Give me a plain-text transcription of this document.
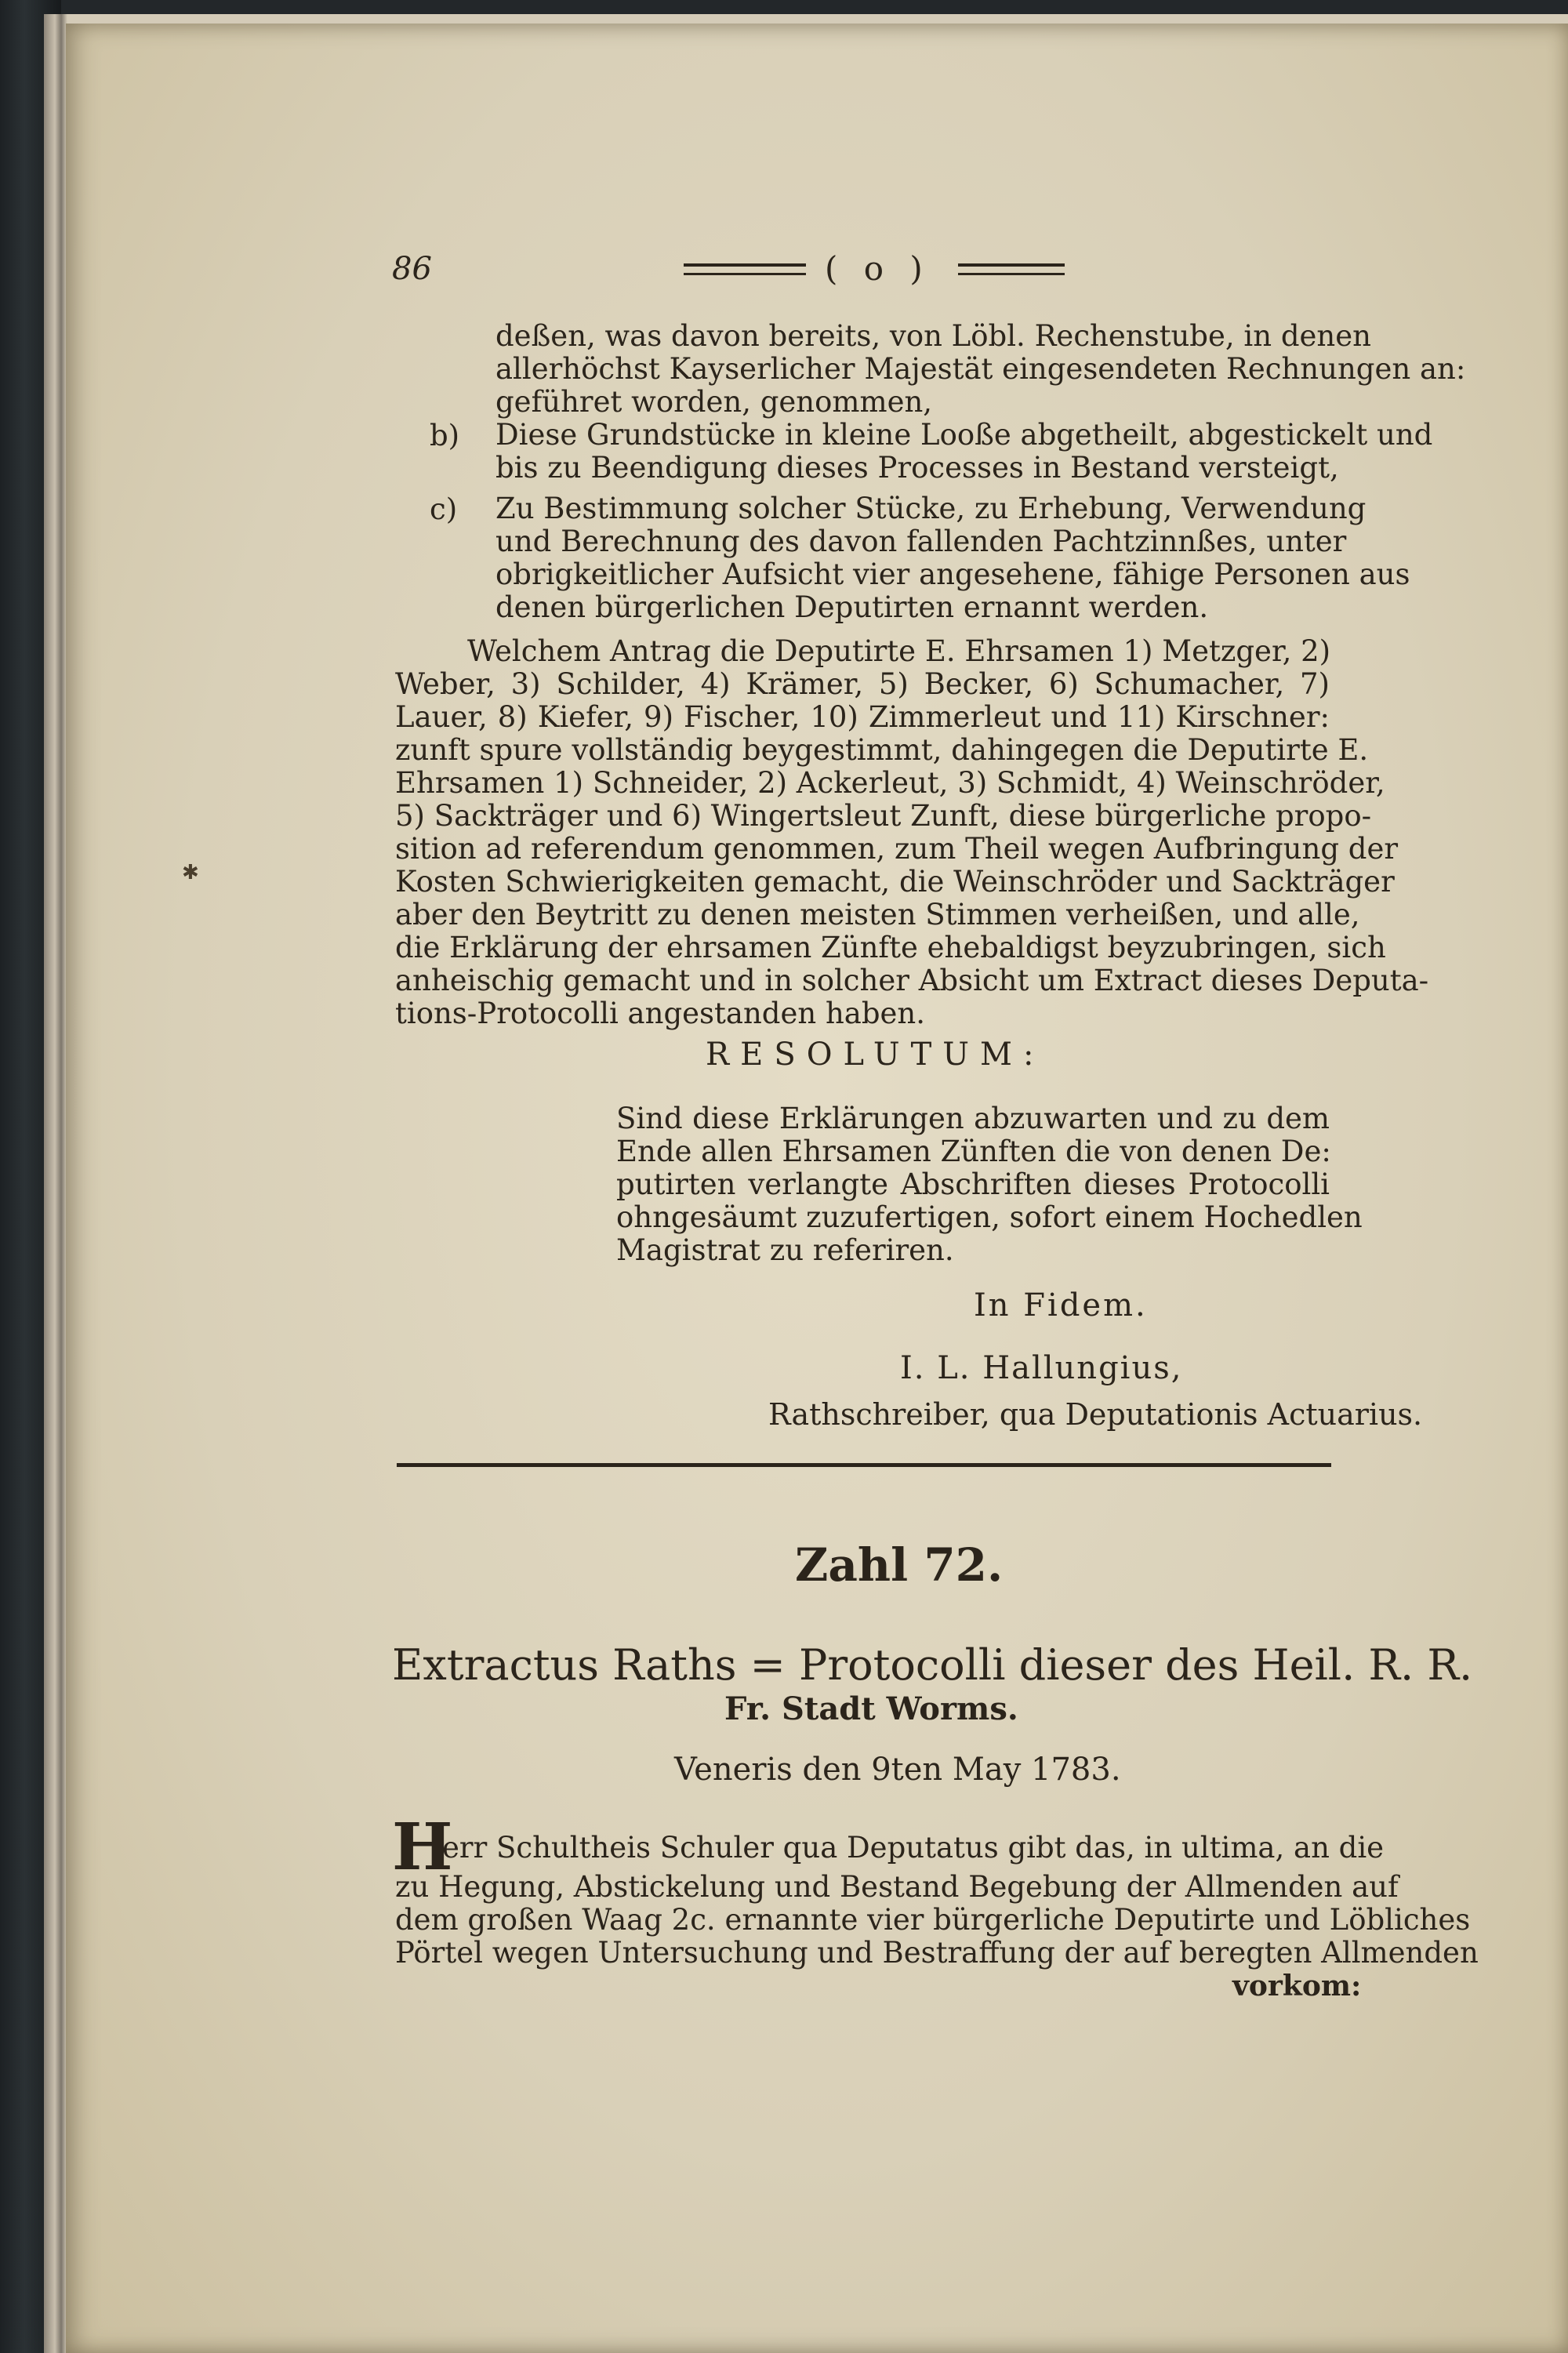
86	( o )
deßen, was davon bereits, von Löbl. Rechenstube, in denen
allerhöchst Kayserlicher Majestät eingesendeten Rechnungen an:
geführet worden, genommen,
b) Diese Grundstücke in kleine Looße abgetheilt, abgestickelt und
bis zu Beendigung dieses Processes in Bestand versteigt,
c) Zu Bestimmung solcher Stücke, zu Erhebung, Verwendung
und Berechnung des davon fallenden Pachtzinnßes, unter
obrigkeitlicher Aufsicht vier angesehene, fähige Personen aus
denen bürgerlichen Deputirten ernannt werden.
Welchem Antrag die Deputirte E. Ehrsamen 1) Metzger, 2)
Weber, 3) Schilder, 4) Krämer, 5) Becker, 6) Schumacher, 7)
Lauer, 8) Kiefer, 9) Fischer, 10) Zimmerleut und 11) Kirschner:
zunft spure vollständig beygestimmt, dahingegen die Deputirte E.
Ehrsamen 1) Schneider, 2) Ackerleut, 3) Schmidt, 4) Weinschröder,
5) Sackträger und 6) Wingertsleut Zunft, diese bürgerliche propo-
sition ad referendum genommen, zum Theil wegen Aufbringung der
Kosten Schwierigkeiten gemacht, die Weinschröder und Sackträger
aber den Beytritt zu denen meisten Stimmen verheißen, und alle,
die Erklärung der ehrsamen Zünfte ehebaldigst beyzubringen, sich
anheischig gemacht und in solcher Absicht um Extract dieses Deputa-
tions-Protocolli angestanden haben.
✱
RESOLUTUM:
Sind diese Erklärungen abzuwarten und zu dem
Ende allen Ehrsamen Zünften die von denen De:
putirten verlangte Abschriften dieses Protocolli
ohngesäumt zuzufertigen, sofort einem Hochedlen
Magistrat zu referiren.
In Fidem.
I. L. Hallungius,
Rathschreiber, qua Deputationis Actuarius.
Zahl 72.
Extractus Raths = Protocolli dieser des Heil. R. R.
Fr. Stadt Worms.
Veneris den 9ten May 1783.
H
err Schultheis Schuler qua Deputatus gibt das, in ultima, an die
zu Hegung, Abstickelung und Bestand Begebung der Allmenden auf
dem großen Waag 2c. ernannte vier bürgerliche Deputirte und Löbliches
Pörtel wegen Untersuchung und Bestraffung der auf beregten Allmenden
vorkom:
